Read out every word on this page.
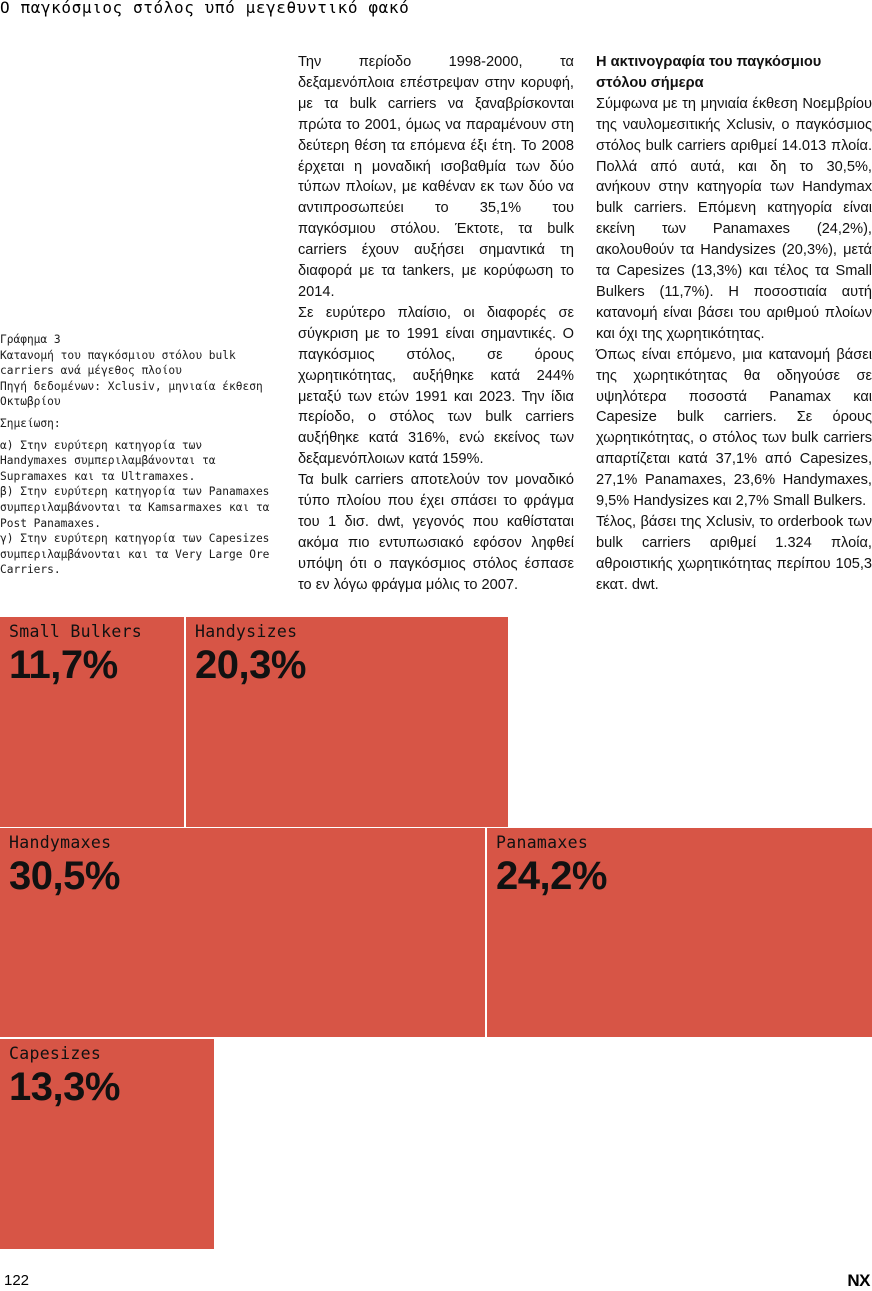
Ο παγκόσμιος στόλος υπό μεγεθυντικό φακό
Γράφημα 3
Κατανομή του παγκόσμιου στόλου bulk carriers ανά μέγεθος πλοίου
Πηγή δεδομένων: Xclusiv, μηνιαία έκθεση Οκτωβρίου
Σημείωση:
α) Στην ευρύτερη κατηγορία των Handymaxes συμπεριλαμβάνονται τα Supramaxes και τα Ultramaxes.
β) Στην ευρύτερη κατηγορία των Panamaxes συμπεριλαμβάνονται τα Kamsarmaxes και τα Post Panamaxes.
γ) Στην ευρύτερη κατηγορία των Capesizes συμπεριλαμβάνονται και τα Very Large Ore Carriers.

Την περίοδο 1998-2000, τα δεξαμενόπλοια επέστρεψαν στην κορυφή, με τα bulk carriers να ξαναβρίσκονται πρώτα το 2001, όμως να παραμένουν στη δεύτερη θέση τα επόμενα έξι έτη. Το 2008 έρχεται η μοναδική ισοβαθμία των δύο τύπων πλοίων, με καθέναν εκ των δύο να αντιπροσωπεύει το 35,1% του παγκόσμιου στόλου. Έκτοτε, τα bulk carriers έχουν αυξήσει σημαντικά τη διαφορά με τα tankers, με κορύφωση το 2014.

Σε ευρύτερο πλαίσιο, οι διαφορές σε σύγκριση με το 1991 είναι σημαντικές. Ο παγκόσμιος στόλος, σε όρους χωρητικότητας, αυξήθηκε κατά 244% μεταξύ των ετών 1991 και 2023. Την ίδια περίοδο, ο στόλος των bulk carriers αυξήθηκε κατά 316%, ενώ εκείνος των δεξαμενόπλοιων κατά 159%.

Τα bulk carriers αποτελούν τον μοναδικό τύπο πλοίου που έχει σπάσει το φράγμα του 1 δισ. dwt, γεγονός που καθίσταται ακόμα πιο εντυπωσιακό εφόσον ληφθεί υπόψη ότι ο παγκόσμιος στόλος έσπασε το εν λόγω φράγμα μόλις το 2007.

Η ακτινογραφία του παγκόσμιου στόλου σήμερα

Σύμφωνα με τη μηνιαία έκθεση Νοεμβρίου της ναυλομεσιτικής Xclusiv, ο παγκόσμιος στόλος bulk carriers αριθμεί 14.013 πλοία. Πολλά από αυτά, και δη το 30,5%, ανήκουν στην κατηγορία των Handymax bulk carriers. Επόμενη κατηγορία είναι εκείνη των Panamaxes (24,2%), ακολουθούν τα Handysizes (20,3%), μετά τα Capesizes (13,3%) και τέλος τα Small Bulkers (11,7%). Η ποσοστιαία αυτή κατανομή είναι βάσει του αριθμού πλοίων και όχι της χωρητικότητας.

Όπως είναι επόμενο, μια κατανομή βάσει της χωρητικότητας θα οδηγούσε σε υψηλότερα ποσοστά Panamax και Capesize bulk carriers. Σε όρους χωρητικότητας, ο στόλος των bulk carriers απαρτίζεται κατά 37,1% από Capesizes, 27,1% Panamaxes, 23,6% Handymaxes, 9,5% Handysizes και 2,7% Small Bulkers.

Τέλος, βάσει της Xclusiv, το orderbook των bulk carriers αριθμεί 1.324 πλοία, αθροιστικής χωρητικότητας περίπου 105,3 εκατ. dwt.

Small Bulkers
11,7%
Handysizes
20,3%
Handymaxes
30,5%
Panamaxes
24,2%
Capesizes
13,3%
122	NX
